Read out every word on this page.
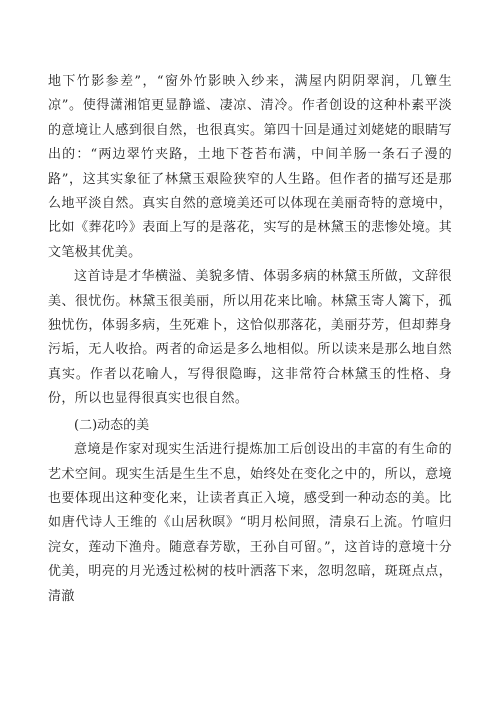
地下竹影参差”，“窗外竹影映入纱来，满屋内阴阴翠润，几簟生凉”。使得潇湘馆更显静谧、凄凉、清冷。作者创设的这种朴素平淡的意境让人感到很自然，也很真实。第四十回是通过刘姥姥的眼睛写出的：“两边翠竹夹路，土地下苍苔布满，中间羊肠一条石子漫的路”，这其实象征了林黛玉艰险狭窄的人生路。但作者的描写还是那么地平淡自然。真实自然的意境美还可以体现在美丽奇特的意境中，比如《葬花吟》表面上写的是落花，实写的是林黛玉的悲惨处境。其文笔极其优美。

这首诗是才华横溢、美貌多情、体弱多病的林黛玉所做，文辞很美、很忧伤。林黛玉很美丽，所以用花来比喻。林黛玉寄人篱下，孤独忧伤，体弱多病，生死难卜，这恰似那落花，美丽芬芳，但却葬身污垢，无人收拾。两者的命运是多么地相似。所以读来是那么地自然真实。作者以花喻人，写得很隐晦，这非常符合林黛玉的性格、身份，所以也显得很真实也很自然。

(二)动态的美

意境是作家对现实生活进行提炼加工后创设出的丰富的有生命的艺术空间。现实生活是生生不息，始终处在变化之中的，所以，意境也要体现出这种变化来，让读者真正入境，感受到一种动态的美。比如唐代诗人王维的《山居秋暝》“明月松间照，清泉石上流。竹喧归浣女，莲动下渔舟。随意春芳歇，王孙自可留。”，这首诗的意境十分优美，明亮的月光透过松树的枝叶洒落下来，忽明忽暗，斑斑点点，清澈
